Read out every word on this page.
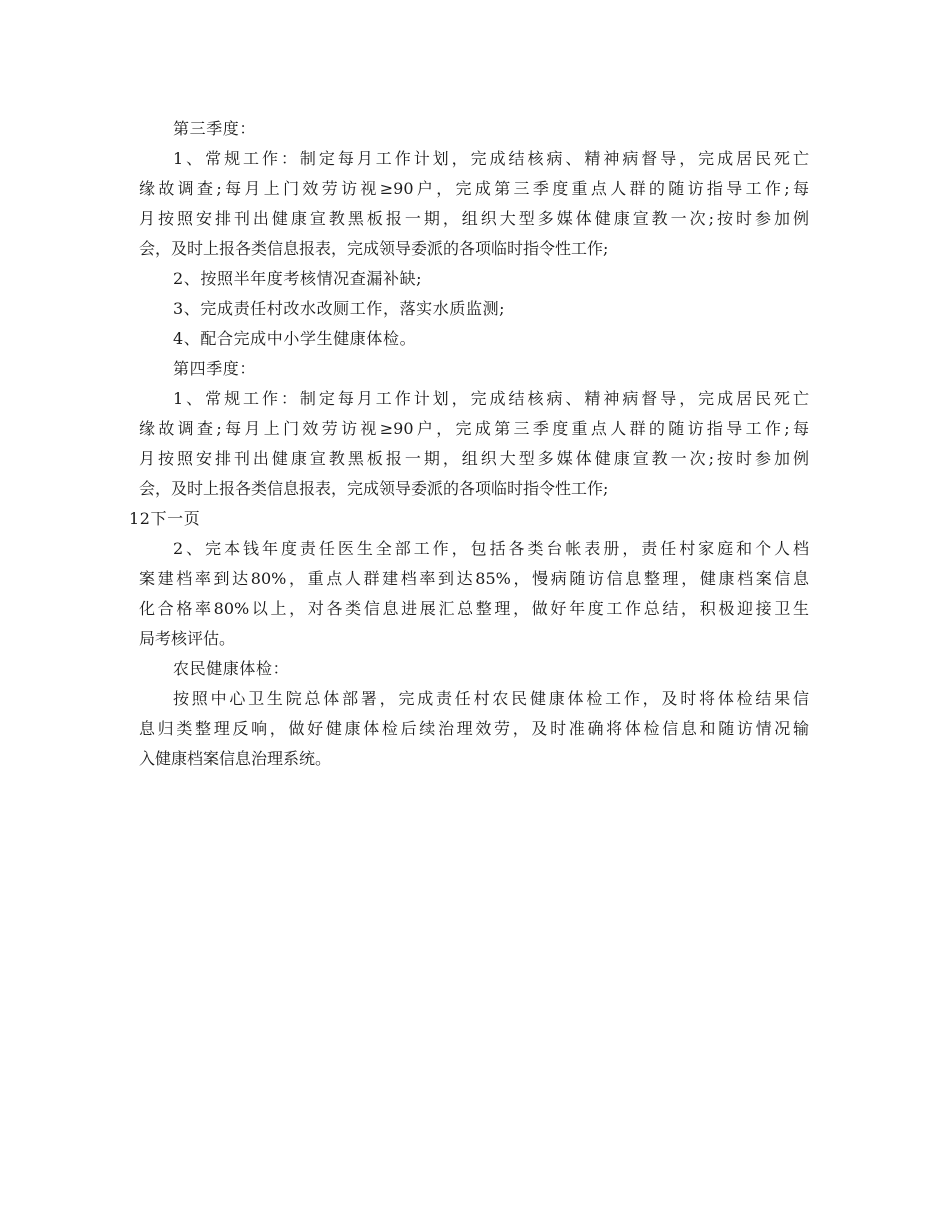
第三季度：

1、常规工作：制定每月工作计划，完成结核病、精神病督导，完成居民死亡
缘故调查;每月上门效劳访视≥90户，完成第三季度重点人群的随访指导工作;每
月按照安排刊出健康宣教黑板报一期，组织大型多媒体健康宣教一次;按时参加例
会，及时上报各类信息报表，完成领导委派的各项临时指令性工作;

2、按照半年度考核情况查漏补缺;

3、完成责任村改水改厕工作，落实水质监测;

4、配合完成中小学生健康体检。

第四季度：

1、常规工作：制定每月工作计划，完成结核病、精神病督导，完成居民死亡
缘故调查;每月上门效劳访视≥90户，完成第三季度重点人群的随访指导工作;每
月按照安排刊出健康宣教黑板报一期，组织大型多媒体健康宣教一次;按时参加例
会，及时上报各类信息报表，完成领导委派的各项临时指令性工作;

12下一页

2、完本钱年度责任医生全部工作，包括各类台帐表册，责任村家庭和个人档
案建档率到达80%，重点人群建档率到达85%，慢病随访信息整理，健康档案信息
化合格率80%以上，对各类信息进展汇总整理，做好年度工作总结，积极迎接卫生
局考核评估。

农民健康体检：

按照中心卫生院总体部署，完成责任村农民健康体检工作，及时将体检结果信
息归类整理反响，做好健康体检后续治理效劳，及时准确将体检信息和随访情况输
入健康档案信息治理系统。
